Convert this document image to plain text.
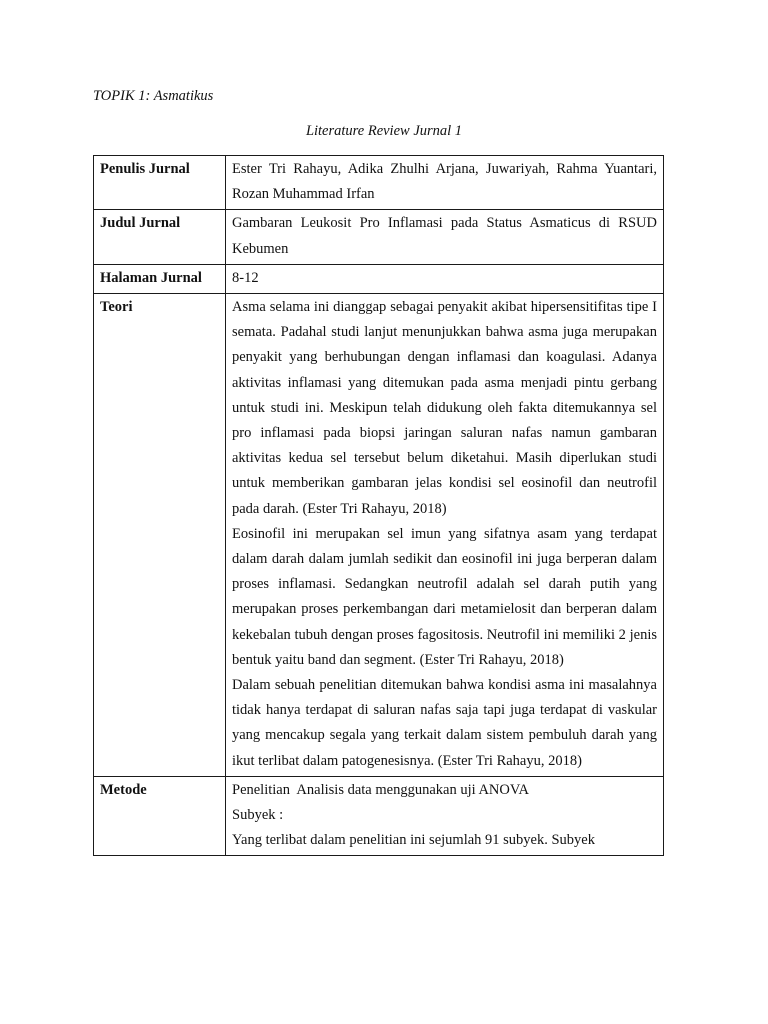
TOPIK 1: Asmatikus
Literature Review Jurnal 1
Penulis Jurnal	Ester Tri Rahayu, Adika Zhulhi Arjana, Juwariyah, Rahma Yuantari, Rozan Muhammad Irfan

Judul Jurnal	Gambaran Leukosit Pro Inflamasi pada Status Asmaticus di RSUD Kebumen

Halaman Jurnal	8-12

Teori	Asma selama ini dianggap sebagai penyakit akibat hipersensitifitas tipe I semata. Padahal studi lanjut menunjukkan bahwa asma juga merupakan penyakit yang berhubungan dengan inflamasi dan koagulasi. Adanya aktivitas inflamasi yang ditemukan pada asma menjadi pintu gerbang untuk studi ini. Meskipun telah didukung oleh fakta ditemukannya sel pro inflamasi pada biopsi jaringan saluran nafas namun gambaran aktivitas kedua sel tersebut belum diketahui. Masih diperlukan studi untuk memberikan gambaran jelas kondisi sel eosinofil dan neutrofil pada darah. (Ester Tri Rahayu, 2018)

Eosinofil ini merupakan sel imun yang sifatnya asam yang terdapat dalam darah dalam jumlah sedikit dan eosinofil ini juga berperan dalam proses inflamasi. Sedangkan neutrofil adalah sel darah putih yang merupakan proses perkembangan dari metamielosit dan berperan dalam kekebalan tubuh dengan proses fagositosis. Neutrofil ini memiliki 2 jenis bentuk yaitu band dan segment. (Ester Tri Rahayu, 2018)

Dalam sebuah penelitian ditemukan bahwa kondisi asma ini masalahnya tidak hanya terdapat di saluran nafas saja tapi juga terdapat di vaskular yang mencakup segala yang terkait dalam sistem pembuluh darah yang ikut terlibat dalam patogenesisnya. (Ester Tri Rahayu, 2018)

Metode	Penelitian  Analisis data menggunakan uji ANOVA

Subyek :

Yang terlibat dalam penelitian ini sejumlah 91 subyek. Subyek
